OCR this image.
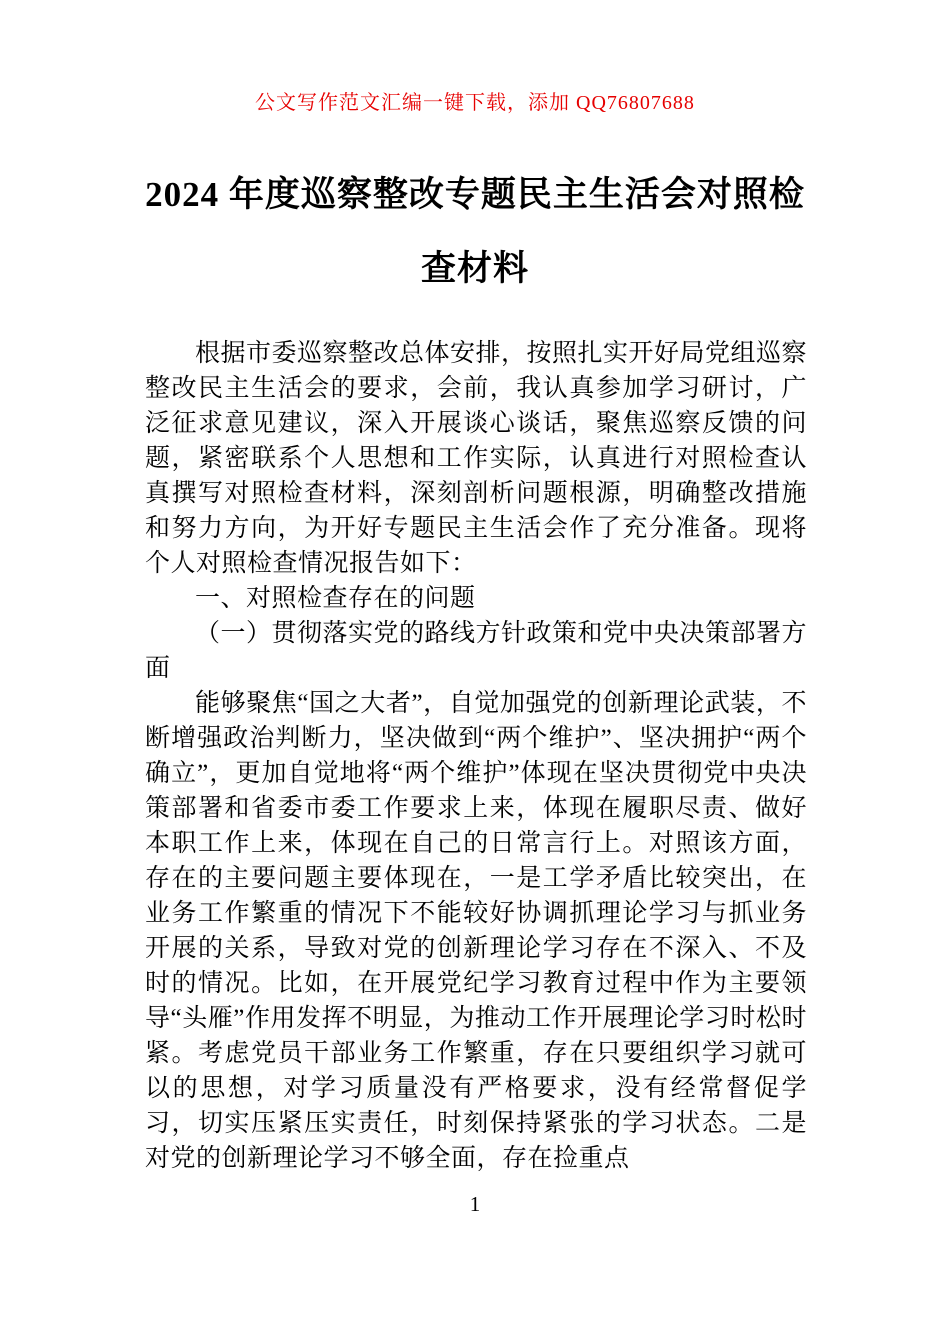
公文写作范文汇编一键下载，添加 QQ76807688
2024 年度巡察整改专题民主生活会对照检
查材料

根据市委巡察整改总体安排，按照扎实开好局党组巡察整改民主生活会的要求，会前，我认真参加学习研讨，广泛征求意见建议，深入开展谈心谈话，聚焦巡察反馈的问题，紧密联系个人思想和工作实际，认真进行对照检查认真撰写对照检查材料，深刻剖析问题根源，明确整改措施和努力方向，为开好专题民主生活会作了充分准备。现将个人对照检查情况报告如下：

一、对照检查存在的问题

（一）贯彻落实党的路线方针政策和党中央决策部署方面

能够聚焦“国之大者”，自觉加强党的创新理论武装，不断增强政治判断力，坚决做到“两个维护”、坚决拥护“两个确立”，更加自觉地将“两个维护”体现在坚决贯彻党中央决策部署和省委市委工作要求上来，体现在履职尽责、做好本职工作上来，体现在自己的日常言行上。对照该方面，存在的主要问题主要体现在，一是工学矛盾比较突出，在业务工作繁重的情况下不能较好协调抓理论学习与抓业务开展的关系，导致对党的创新理论学习存在不深入、不及时的情况。比如，在开展党纪学习教育过程中作为主要领导“头雁”作用发挥不明显，为推动工作开展理论学习时松时紧。考虑党员干部业务工作繁重，存在只要组织学习就可以的思想，对学习质量没有严格要求，没有经常督促学习，切实压紧压实责任，时刻保持紧张的学习状态。二是对党的创新理论学习不够全面，存在捡重点

1
